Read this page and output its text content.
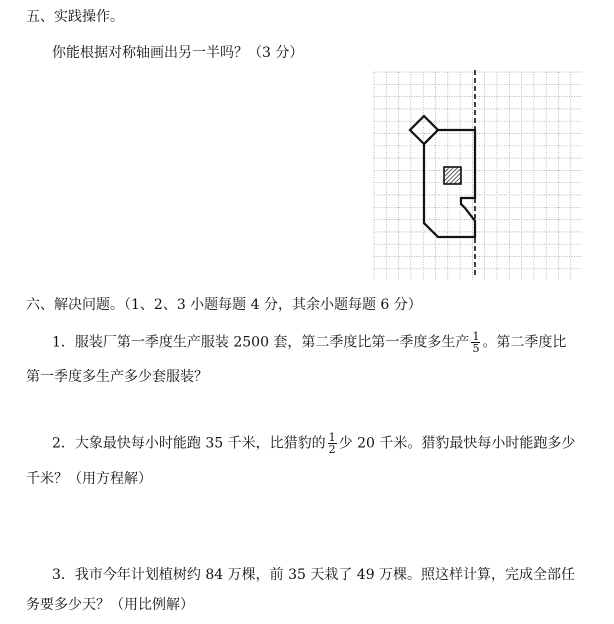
五、实践操作。
你能根据对称轴画出另一半吗？（3 分）
六、解决问题。（1、2、3 小题每题 4 分，其余小题每题 6 分）
1．服装厂第一季度生产服装 2500 套，第二季度比第一季度多生产 $\frac{1}{5}$ 。第二季度比
第一季度多生产多少套服装？
2．大象最快每小时能跑 35 千米，比猎豹的 $\frac{1}{2}$ 少 20 千米。猎豹最快每小时能跑多少
千米？（用方程解）
3．我市今年计划植树约 84 万棵，前 35 天栽了 49 万棵。照这样计算，完成全部任
务要多少天？（用比例解）
